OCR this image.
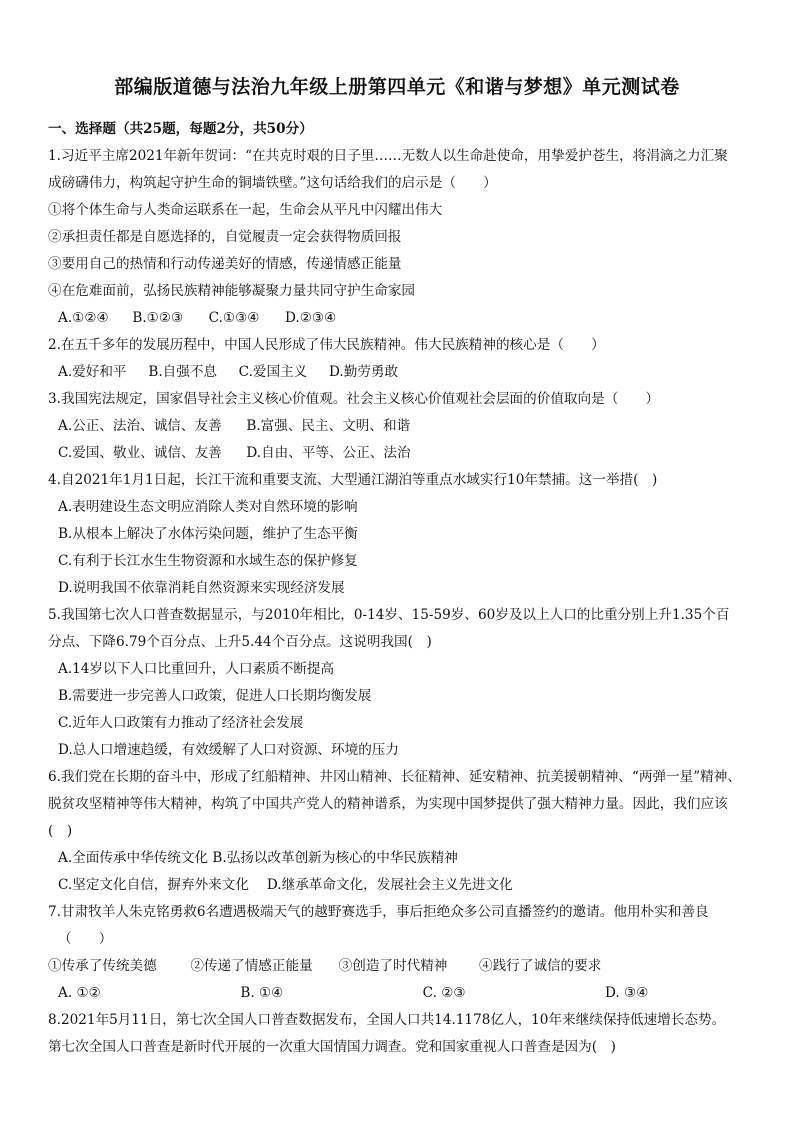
部编版道德与法治九年级上册第四单元《和谐与梦想》单元测试卷
一、选择题（共25题，每题2分，共50分）
1.习近平主席2021年新年贺词：“在共克时艰的日子里……无数人以生命赴使命，用挚爱护苍生，将涓滴之力汇聚
成磅礴伟力，构筑起守护生命的铜墙铁壁。”这句话给我们的启示是（　　）
①将个体生命与人类命运联系在一起，生命会从平凡中闪耀出伟大
②承担责任都是自愿选择的，自觉履责一定会获得物质回报
③要用自己的热情和行动传递美好的情感，传递情感正能量
④在危难面前，弘扬民族精神能够凝聚力量共同守护生命家园
A.①②④ B.①②③ C.①③④ D.②③④
2.在五千多年的发展历程中，中国人民形成了伟大民族精神。伟大民族精神的核心是（　　）
A.爱好和平 B.自强不息 C.爱国主义 D.勤劳勇敢
3.我国宪法规定，国家倡导社会主义核心价值观。社会主义核心价值观社会层面的价值取向是（　　）
A.公正、法治、诚信、友善 B.富强、民主、文明、和谐
C.爱国、敬业、诚信、友善 D.自由、平等、公正、法治
4.自2021年1月1日起，长江干流和重要支流、大型通江湖泊等重点水域实行10年禁捕。这一举措(　)
A.表明建设生态文明应消除人类对自然环境的影响
B.从根本上解决了水体污染问题，维护了生态平衡
C.有利于长江水生生物资源和水域生态的保护修复
D.说明我国不依靠消耗自然资源来实现经济发展
5.我国第七次人口普查数据显示，与2010年相比，0-14岁、15-59岁、60岁及以上人口的比重分别上升1.35个百
分点、下降6.79个百分点、上升5.44个百分点。这说明我国(　)
A.14岁以下人口比重回升，人口素质不断提高
B.需要进一步完善人口政策，促进人口长期均衡发展
C.近年人口政策有力推动了经济社会发展
D.总人口增速趋缓，有效缓解了人口对资源、环境的压力
6.我们党在长期的奋斗中，形成了红船精神、井冈山精神、长征精神、延安精神、抗美援朝精神、“两弹一星”精神、
脱贫攻坚精神等伟大精神，构筑了中国共产党人的精神谱系，为实现中国梦提供了强大精神力量。因此，我们应该
(　)
A.全面传承中华传统文化 B.弘扬以改革创新为核心的中华民族精神
C.坚定文化自信，摒弃外来文化　 D.继承革命文化，发展社会主义先进文化
7.甘肃牧羊人朱克铭勇救6名遭遇极端天气的越野赛选手，事后拒绝众多公司直播签约的邀请。他用朴实和善良
（　　）
①传承了传统美德 ②传递了情感正能量 ③创造了时代精神 ④践行了诚信的要求
A. ①②	B. ①④	C. ②③	D. ③④
8.2021年5月11日，第七次全国人口普查数据发布，全国人口共14.1178亿人，10年来继续保持低速增长态势。
第七次全国人口普查是新时代开展的一次重大国情国力调查。党和国家重视人口普查是因为(　)
